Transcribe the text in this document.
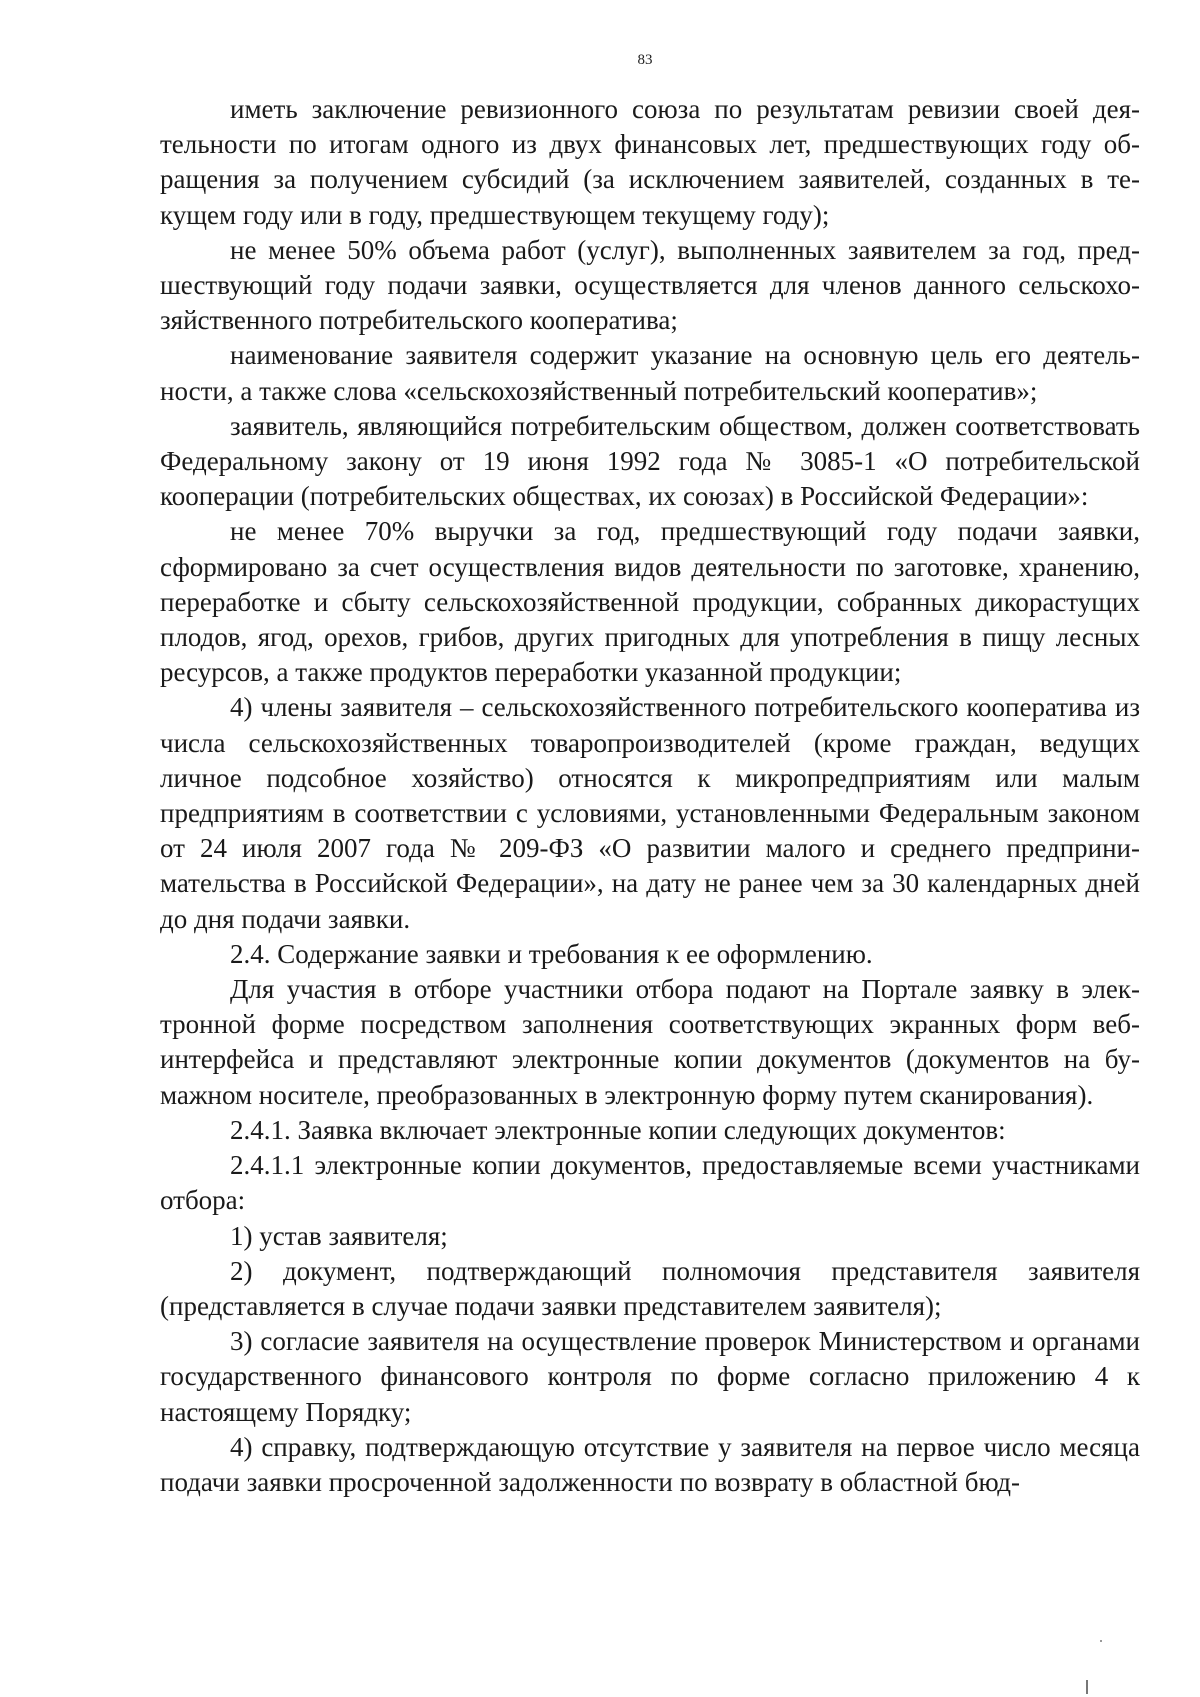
83

иметь заключение ревизионного союза по результатам ревизии своей деятельности по итогам одного из двух финансовых лет, предшествующих году обращения за получением субсидий (за исключением заявителей, созданных в текущем году или в году, предшествующем текущему году);

не менее 50% объема работ (услуг), выполненных заявителем за год, предшествующий году подачи заявки, осуществляется для членов данного сельскохозяйственного потребительского кооператива;

наименование заявителя содержит указание на основную цель его деятельности, а также слова «сельскохозяйственный потребительский кооператив»;

заявитель, являющийся потребительским обществом, должен соответствовать Федеральному закону от 19 июня 1992 года № 3085-1 «О потребительской кооперации (потребительских обществах, их союзах) в Российской Федерации»:

не менее 70% выручки за год, предшествующий году подачи заявки, сформировано за счет осуществления видов деятельности по заготовке, хранению, переработке и сбыту сельскохозяйственной продукции, собранных дикорастущих плодов, ягод, орехов, грибов, других пригодных для употребления в пищу лесных ресурсов, а также продуктов переработки указанной продукции;

4) члены заявителя – сельскохозяйственного потребительского кооператива из числа сельскохозяйственных товаропроизводителей (кроме граждан, ведущих личное подсобное хозяйство) относятся к микропредприятиям или малым предприятиям в соответствии с условиями, установленными Федеральным законом от 24 июля 2007 года № 209-ФЗ «О развитии малого и среднего предпринимательства в Российской Федерации», на дату не ранее чем за 30 календарных дней до дня подачи заявки.

2.4. Содержание заявки и требования к ее оформлению.

Для участия в отборе участники отбора подают на Портале заявку в электронной форме посредством заполнения соответствующих экранных форм веб-интерфейса и представляют электронные копии документов (документов на бумажном носителе, преобразованных в электронную форму путем сканирования).

2.4.1. Заявка включает электронные копии следующих документов:

2.4.1.1 электронные копии документов, предоставляемые всеми участниками отбора:

1) устав заявителя;

2) документ, подтверждающий полномочия представителя заявителя (представляется в случае подачи заявки представителем заявителя);

3) согласие заявителя на осуществление проверок Министерством и органами государственного финансового контроля по форме согласно приложению 4 к настоящему Порядку;

4) справку, подтверждающую отсутствие у заявителя на первое число месяца подачи заявки просроченной задолженности по возврату в областной бюд-
